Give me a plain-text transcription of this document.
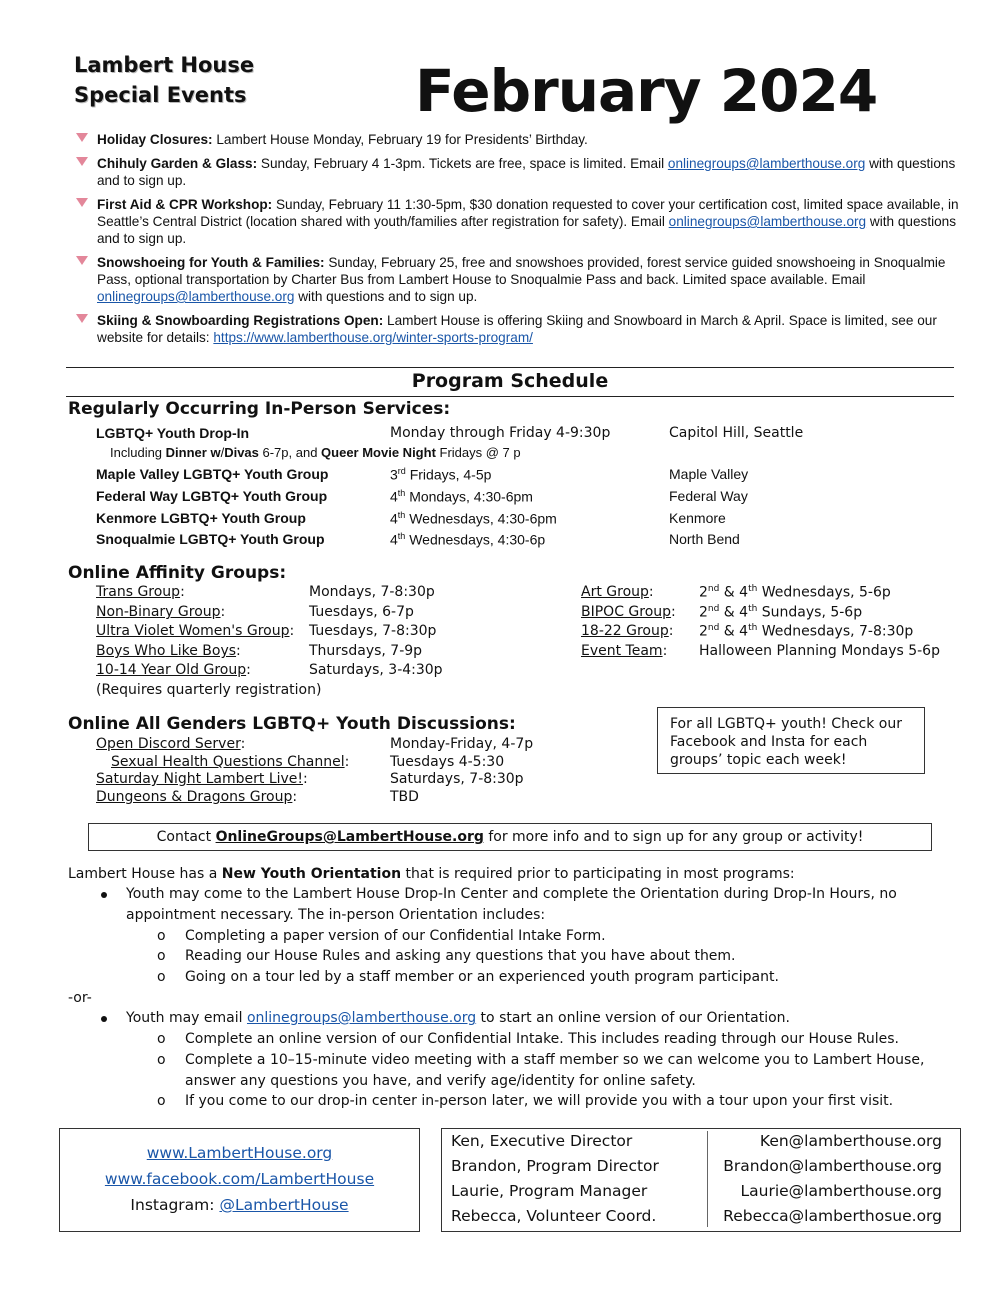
Lambert House
Special Events	February 2024
Holiday Closures: Lambert House Monday, February 19 for Presidents’ Birthday.
Chihuly Garden & Glass: Sunday, February 4 1-3pm. Tickets are free, space is limited. Email onlinegroups@lamberthouse.org with questions and to sign up.
First Aid & CPR Workshop: Sunday, February 11 1:30-5pm, $30 donation requested to cover your certification cost, limited space available, in Seattle’s Central District (location shared with youth/families after registration for safety). Email onlinegroups@lamberthouse.org with questions and to sign up.
Snowshoeing for Youth & Families: Sunday, February 25, free and snowshoes provided, forest service guided snowshoeing in Snoqualmie Pass, optional transportation by Charter Bus from Lambert House to Snoqualmie Pass and back. Limited space available. Email onlinegroups@lamberthouse.org with questions and to sign up.
Skiing & Snowboarding Registrations Open: Lambert House is offering Skiing and Snowboard in March & April. Space is limited, see our website for details: https://www.lamberthouse.org/winter-sports-program/
Program Schedule
Regularly Occurring In-Person Services:
LGBTQ+ Youth Drop-In	Monday through Friday 4-9:30p	Capitol Hill, Seattle
Including Dinner w/Divas 6-7p, and Queer Movie Night Fridays @ 7 p
Maple Valley LGBTQ+ Youth Group	3rd Fridays, 4-5p	Maple Valley
Federal Way LGBTQ+ Youth Group	4th Mondays, 4:30-6pm	Federal Way
Kenmore LGBTQ+ Youth Group	4th Wednesdays, 4:30-6pm	Kenmore
Snoqualmie LGBTQ+ Youth Group	4th Wednesdays, 4:30-6p	North Bend
Online Affinity Groups:
Trans Group:	Mondays, 7-8:30p
Non-Binary Group:	Tuesdays, 6-7p
Ultra Violet Women's Group: Tuesdays, 7-8:30p
Boys Who Like Boys:	Thursdays, 7-9p
10-14 Year Old Group:	Saturdays, 3-4:30p
(Requires quarterly registration)
Art Group:	2nd & 4th Wednesdays, 5-6p
BIPOC Group: 2nd & 4th Sundays, 5-6p
18-22 Group: 2nd & 4th Wednesdays, 7-8:30p
Event Team: Halloween Planning Mondays 5-6p
Online All Genders LGBTQ+ Youth Discussions:
Open Discord Server:	Monday-Friday, 4-7p
Sexual Health Questions Channel:	Tuesdays 4-5:30
Saturday Night Lambert Live!:	Saturdays, 7-8:30p
Dungeons & Dragons Group:	TBD
For all LGBTQ+ youth! Check our Facebook and Insta for each groups’ topic each week!
Contact OnlineGroups@LambertHouse.org for more info and to sign up for any group or activity!
Lambert House has a New Youth Orientation that is required prior to participating in most programs:
Youth may come to the Lambert House Drop-In Center and complete the Orientation during Drop-In Hours, no appointment necessary. The in-person Orientation includes:
o Completing a paper version of our Confidential Intake Form.
o Reading our House Rules and asking any questions that you have about them.
o Going on a tour led by a staff member or an experienced youth program participant.
-or-
Youth may email onlinegroups@lamberthouse.org to start an online version of our Orientation.
o Complete an online version of our Confidential Intake. This includes reading through our House Rules.
o Complete a 10–15-minute video meeting with a staff member so we can welcome you to Lambert House, answer any questions you have, and verify age/identity for online safety.
o If you come to our drop-in center in-person later, we will provide you with a tour upon your first visit.
www.LambertHouse.org
www.facebook.com/LambertHouse
Instagram: @LambertHouse
Ken, Executive Director	Ken@lamberthouse.org
Brandon, Program Director	Brandon@lamberthouse.org
Laurie, Program Manager	Laurie@lamberthouse.org
Rebecca, Volunteer Coord.	Rebecca@lamberthosue.org
